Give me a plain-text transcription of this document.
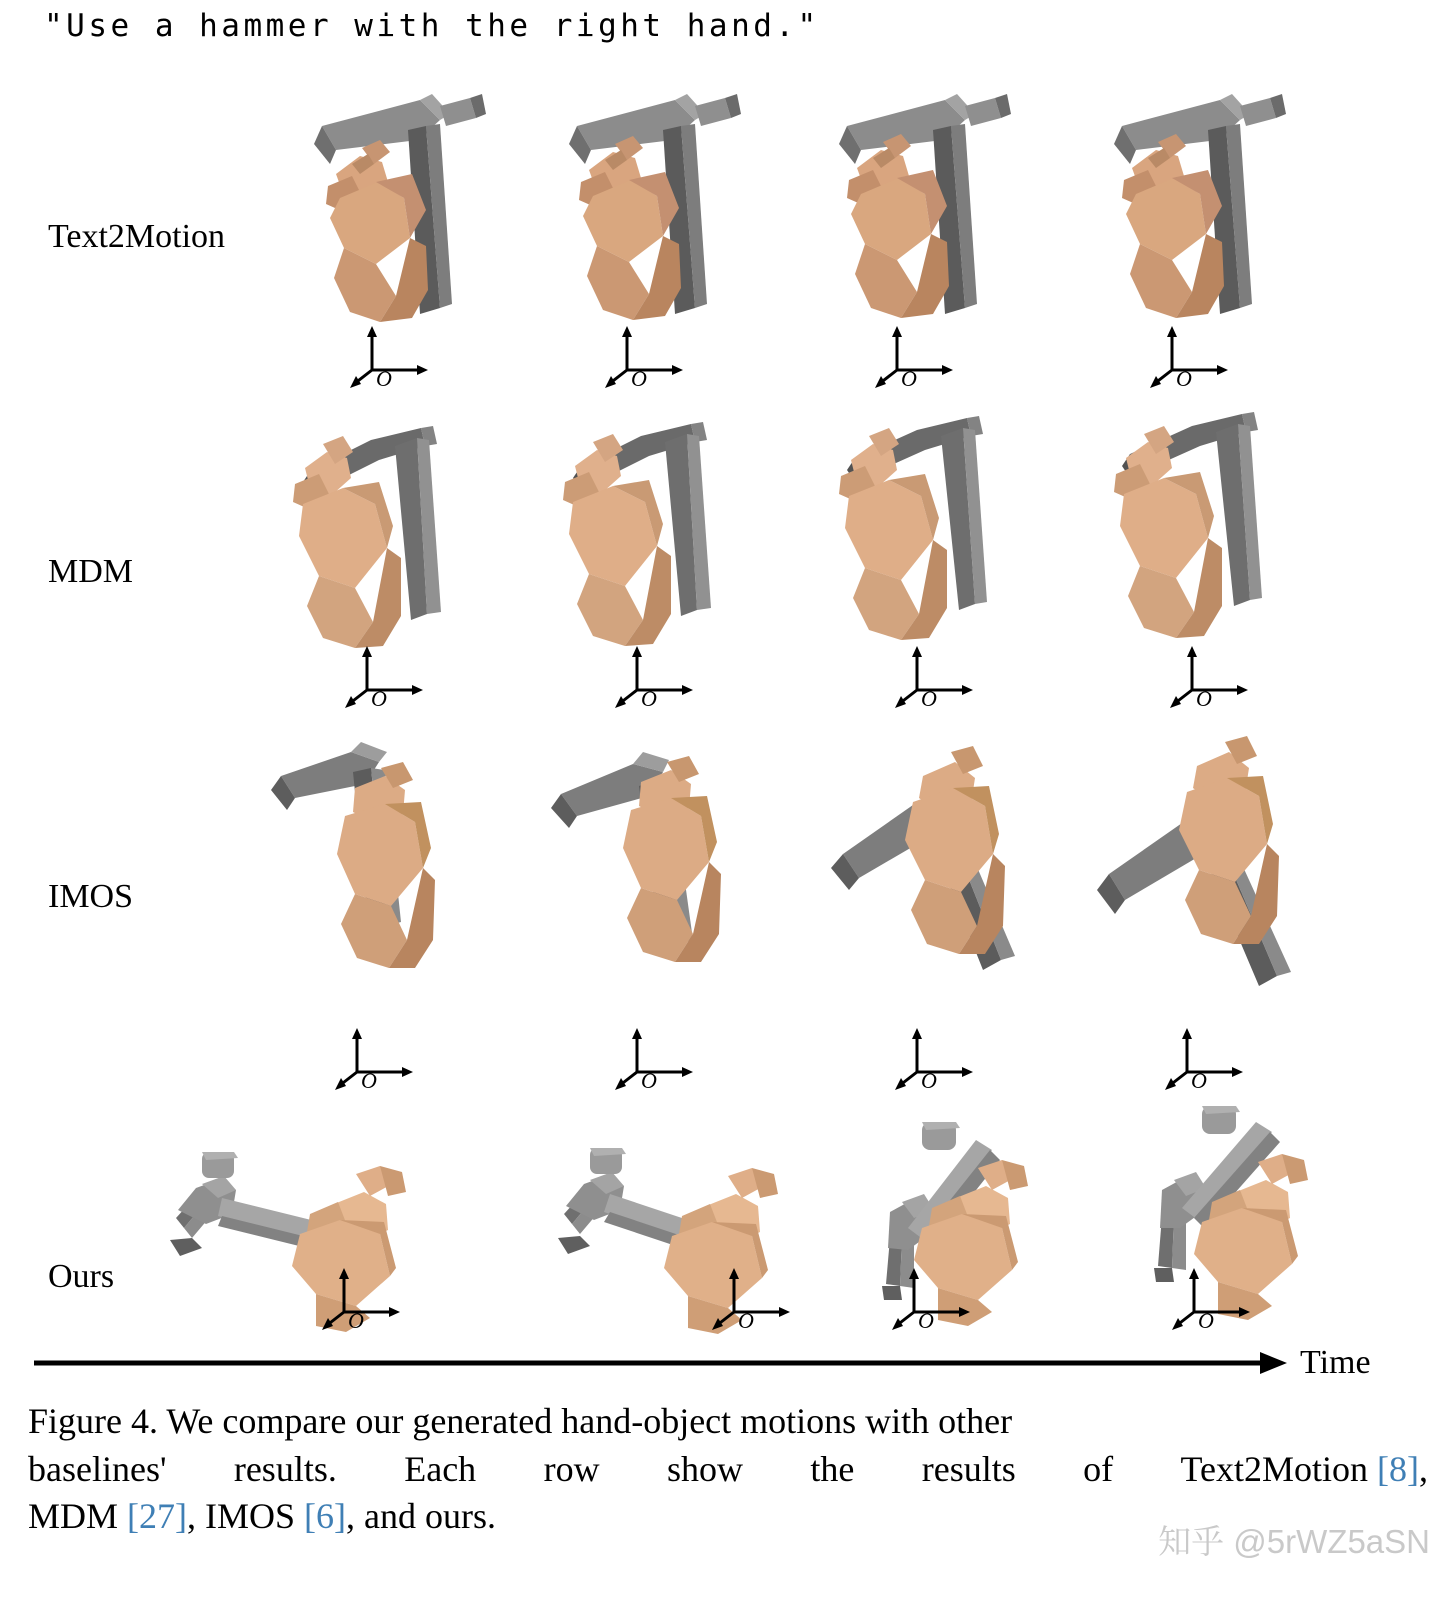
"Use a hammer with the right hand."
Text2Motion
O	O	O	O
MDM
O	O	O	O
IMOS
O	O	O	O
Ours
O	O	O	O
Time
Figure 4. We compare our generated hand-object motions with other
baselines' results. Each row show the results of Text2Motion [8],
MDM [27], IMOS [6], and ours.
知乎 @5rWZ5aSN
